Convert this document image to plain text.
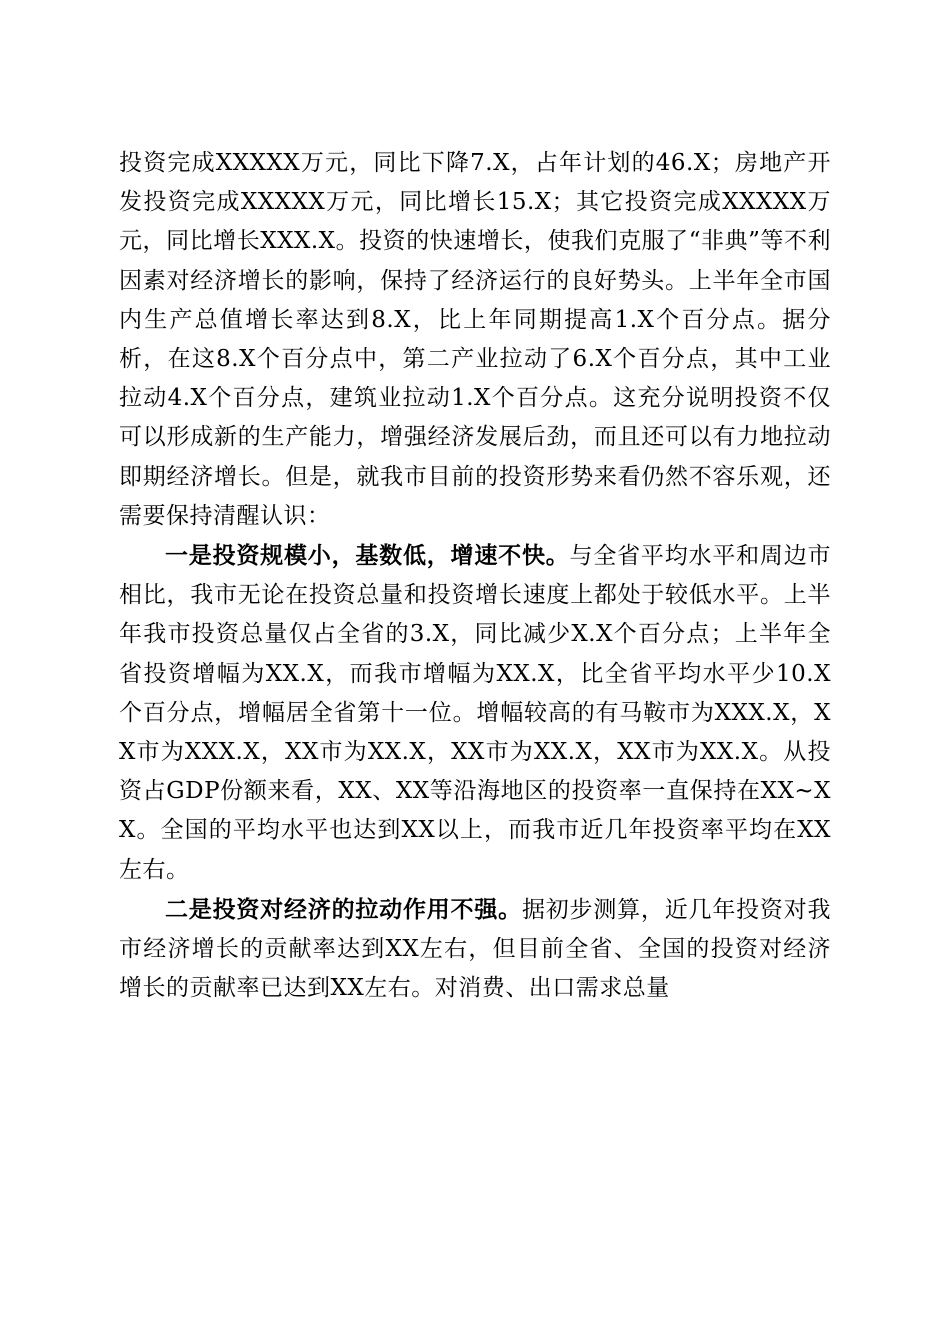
投资完成XXXXX万元，同比下降7.X，占年计划的46.X；房地产开发投资完成XXXXX万元，同比增长15.X；其它投资完成XXXXX万元，同比增长XXX.X。投资的快速增长，使我们克服了“非典”等不利因素对经济增长的影响，保持了经济运行的良好势头。上半年全市国内生产总值增长率达到8.X，比上年同期提高1.X个百分点。据分析，在这8.X个百分点中，第二产业拉动了6.X个百分点，其中工业拉动4.X个百分点，建筑业拉动1.X个百分点。这充分说明投资不仅可以形成新的生产能力，增强经济发展后劲，而且还可以有力地拉动即期经济增长。但是，就我市目前的投资形势来看仍然不容乐观，还需要保持清醒认识：

一是投资规模小，基数低，增速不快。与全省平均水平和周边市相比，我市无论在投资总量和投资增长速度上都处于较低水平。上半年我市投资总量仅占全省的3.X，同比减少X.X个百分点；上半年全省投资增幅为XX.X，而我市增幅为XX.X，比全省平均水平少10.X个百分点，增幅居全省第十一位。增幅较高的有马鞍市为XXX.X，XX市为XXX.X，XX市为XX.X，XX市为XX.X，XX市为XX.X。从投资占GDP份额来看，XX、XX等沿海地区的投资率一直保持在XX~XX。全国的平均水平也达到XX以上，而我市近几年投资率平均在XX左右。

二是投资对经济的拉动作用不强。据初步测算，近几年投资对我市经济增长的贡献率达到XX左右，但目前全省、全国的投资对经济增长的贡献率已达到XX左右。对消费、出口需求总量
